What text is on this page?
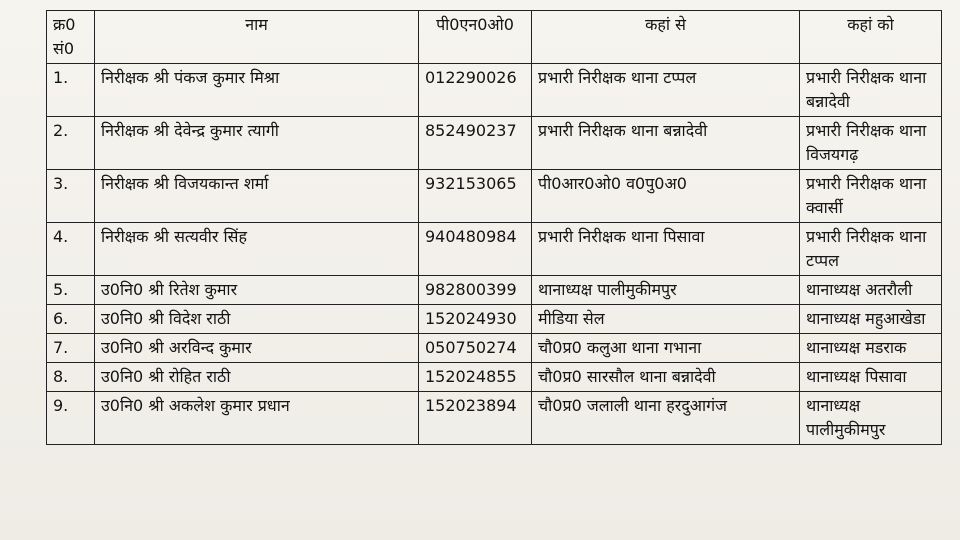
क्र0 सं0	नाम	पी0एन0ओ0	कहां से	कहां को
1.	निरीक्षक श्री पंकज कुमार मिश्रा	012290026	प्रभारी निरीक्षक थाना टप्पल	प्रभारी निरीक्षक थाना बन्नादेवी
2.	निरीक्षक श्री देवेन्द्र कुमार त्यागी	852490237	प्रभारी निरीक्षक थाना बन्नादेवी	प्रभारी निरीक्षक थाना विजयगढ़
3.	निरीक्षक श्री विजयकान्त शर्मा	932153065	पी0आर0ओ0 व0पु0अ0	प्रभारी निरीक्षक थाना क्वार्सी
4.	निरीक्षक श्री सत्यवीर सिंह	940480984	प्रभारी निरीक्षक थाना पिसावा	प्रभारी निरीक्षक थाना टप्पल
5.	उ0नि0 श्री रितेश कुमार	982800399	थानाध्यक्ष पालीमुकीमपुर	थानाध्यक्ष अतरौली
6.	उ0नि0 श्री विदेश राठी	152024930	मीडिया सेल	थानाध्यक्ष महुआखेडा
7.	उ0नि0 श्री अरविन्द कुमार	050750274	चौ0प्र0 कलुआ थाना गभाना	थानाध्यक्ष मडराक
8.	उ0नि0 श्री रोहित राठी	152024855	चौ0प्र0 सारसौल थाना बन्नादेवी	थानाध्यक्ष पिसावा
9.	उ0नि0 श्री अकलेश कुमार प्रधान	152023894	चौ0प्र0 जलाली थाना हरदुआगंज	थानाध्यक्ष पालीमुकीमपुर
